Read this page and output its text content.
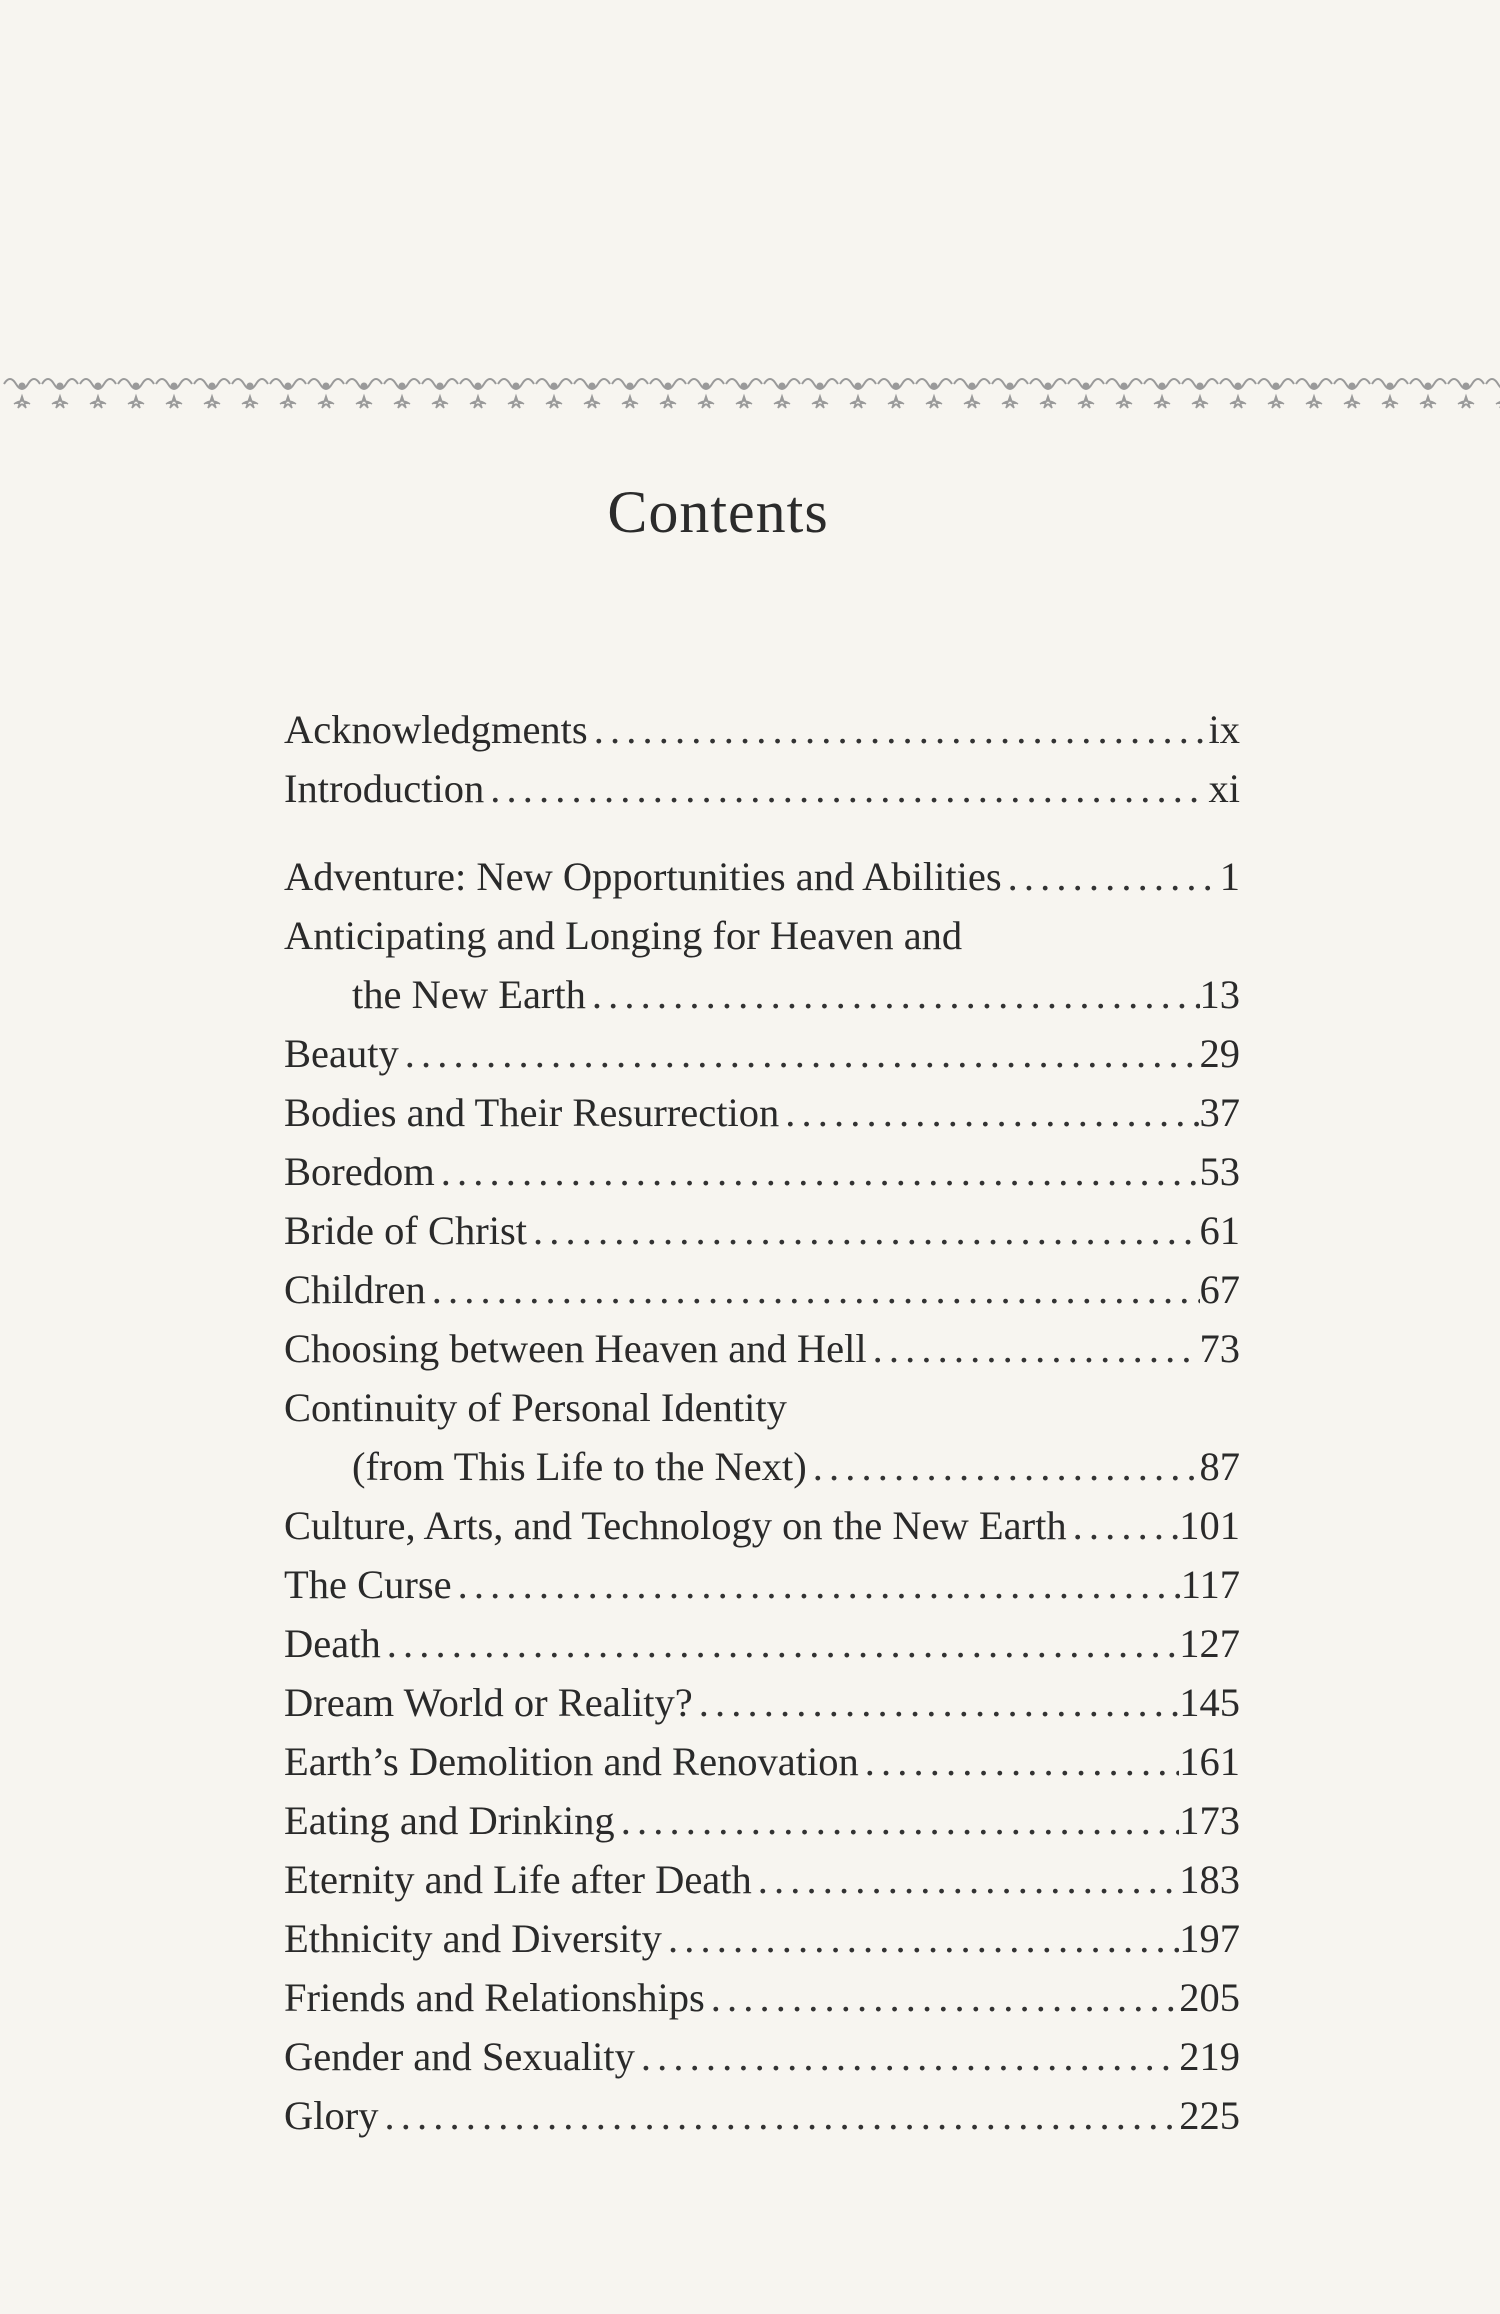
Contents
Acknowledgments . . .	ix
Introduction . . .	xi
Adventure: New Opportunities and Abilities . . .	1
Anticipating and Longing for Heaven and
the New Earth . . .	13
Beauty . . .	29
Bodies and Their Resurrection . . .	37
Boredom . . .	53
Bride of Christ . . .	61
Children . . .	67
Choosing between Heaven and Hell . . .	73
Continuity of Personal Identity
(from This Life to the Next) . . .	87
Culture, Arts, and Technology on the New Earth . . .	101
The Curse . . .	117
Death . . .	127
Dream World or Reality? . . .	145
Earth’s Demolition and Renovation . . .	161
Eating and Drinking . . .	173
Eternity and Life after Death . . .	183
Ethnicity and Diversity . . .	197
Friends and Relationships . . .	205
Gender and Sexuality . . .	219
Glory . . .	225
